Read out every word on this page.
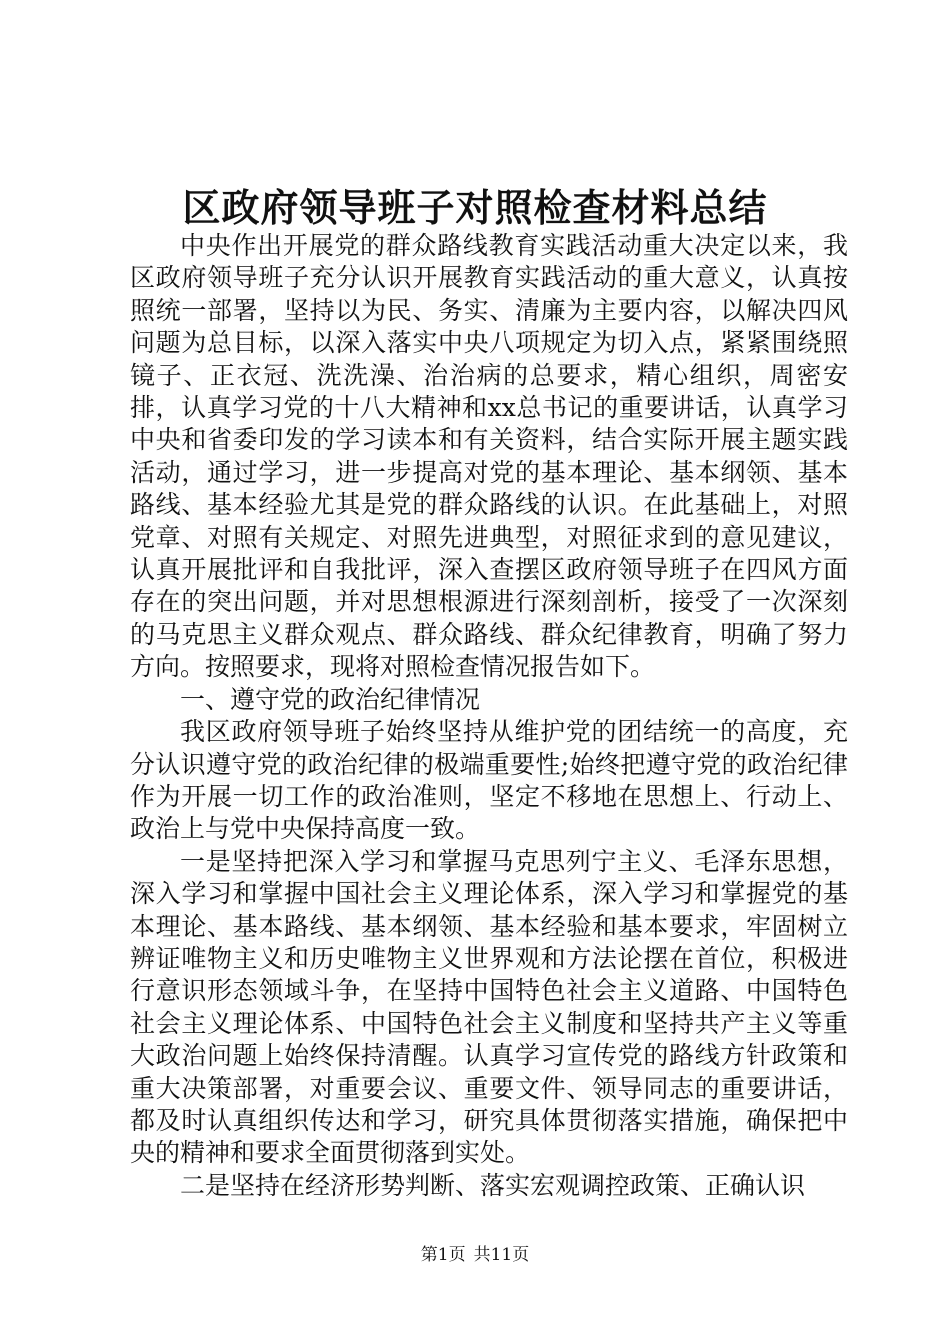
区政府领导班子对照检查材料总结

中央作出开展党的群众路线教育实践活动重大决定以来，我区政府领导班子充分认识开展教育实践活动的重大意义，认真按照统一部署，坚持以为民、务实、清廉为主要内容，以解决四风问题为总目标，以深入落实中央八项规定为切入点，紧紧围绕照镜子、正衣冠、洗洗澡、治治病的总要求，精心组织，周密安排，认真学习党的十八大精神和xx总书记的重要讲话，认真学习中央和省委印发的学习读本和有关资料，结合实际开展主题实践活动，通过学习，进一步提高对党的基本理论、基本纲领、基本路线、基本经验尤其是党的群众路线的认识。在此基础上，对照党章、对照有关规定、对照先进典型，对照征求到的意见建议，认真开展批评和自我批评，深入查摆区政府领导班子在四风方面存在的突出问题，并对思想根源进行深刻剖析，接受了一次深刻的马克思主义群众观点、群众路线、群众纪律教育，明确了努力方向。按照要求，现将对照检查情况报告如下。

一、遵守党的政治纪律情况

我区政府领导班子始终坚持从维护党的团结统一的高度，充分认识遵守党的政治纪律的极端重要性;始终把遵守党的政治纪律作为开展一切工作的政治准则，坚定不移地在思想上、行动上、政治上与党中央保持高度一致。

一是坚持把深入学习和掌握马克思列宁主义、毛泽东思想，深入学习和掌握中国社会主义理论体系，深入学习和掌握党的基本理论、基本路线、基本纲领、基本经验和基本要求，牢固树立辨证唯物主义和历史唯物主义世界观和方法论摆在首位，积极进行意识形态领域斗争，在坚持中国特色社会主义道路、中国特色社会主义理论体系、中国特色社会主义制度和坚持共产主义等重大政治问题上始终保持清醒。认真学习宣传党的路线方针政策和重大决策部署，对重要会议、重要文件、领导同志的重要讲话，都及时认真组织传达和学习，研究具体贯彻落实措施，确保把中央的精神和要求全面贯彻落到实处。

二是坚持在经济形势判断、落实宏观调控政策、正确认识

第1页 共11页
